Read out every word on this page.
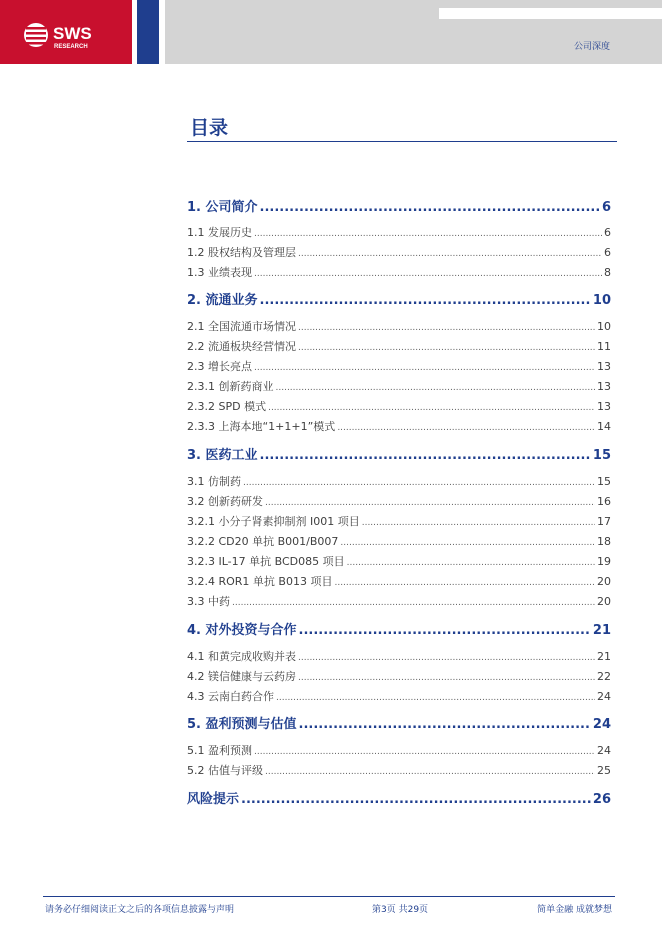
SWS
RESEARCH	公司深度
目录
1. 公司简介 .....	6
1.1 发展历史 .....	6
1.2 股权结构及管理层 .....	6
1.3 业绩表现 .....	8
2. 流通业务 .....	10
2.1 全国流通市场情况 .....	10
2.2 流通板块经营情况 .....	11
2.3 增长亮点 .....	13
2.3.1 创新药商业 .....	13
2.3.2 SPD 模式 .....	13
2.3.3 上海本地“1+1+1”模式 .....	14
3. 医药工业 .....	15
3.1 仿制药 .....	15
3.2 创新药研发 .....	16
3.2.1 小分子肾素抑制剂 I001 项目 .....	17
3.2.2 CD20 单抗 B001/B007 .....	18
3.2.3 IL-17 单抗 BCD085 项目 .....	19
3.2.4 ROR1 单抗 B013 项目 .....	20
3.3 中药 .....	20
4. 对外投资与合作 .....	21
4.1 和黄完成收购并表 .....	21
4.2 镁信健康与云药房 .....	22
4.3 云南白药合作 .....	24
5. 盈利预测与估值 .....	24
5.1 盈利预测 .....	24
5.2 估值与评级 .....	25
风险提示 .....	26
请务必仔细阅读正文之后的各项信息披露与声明	第3页 共29页	简单金融 成就梦想
